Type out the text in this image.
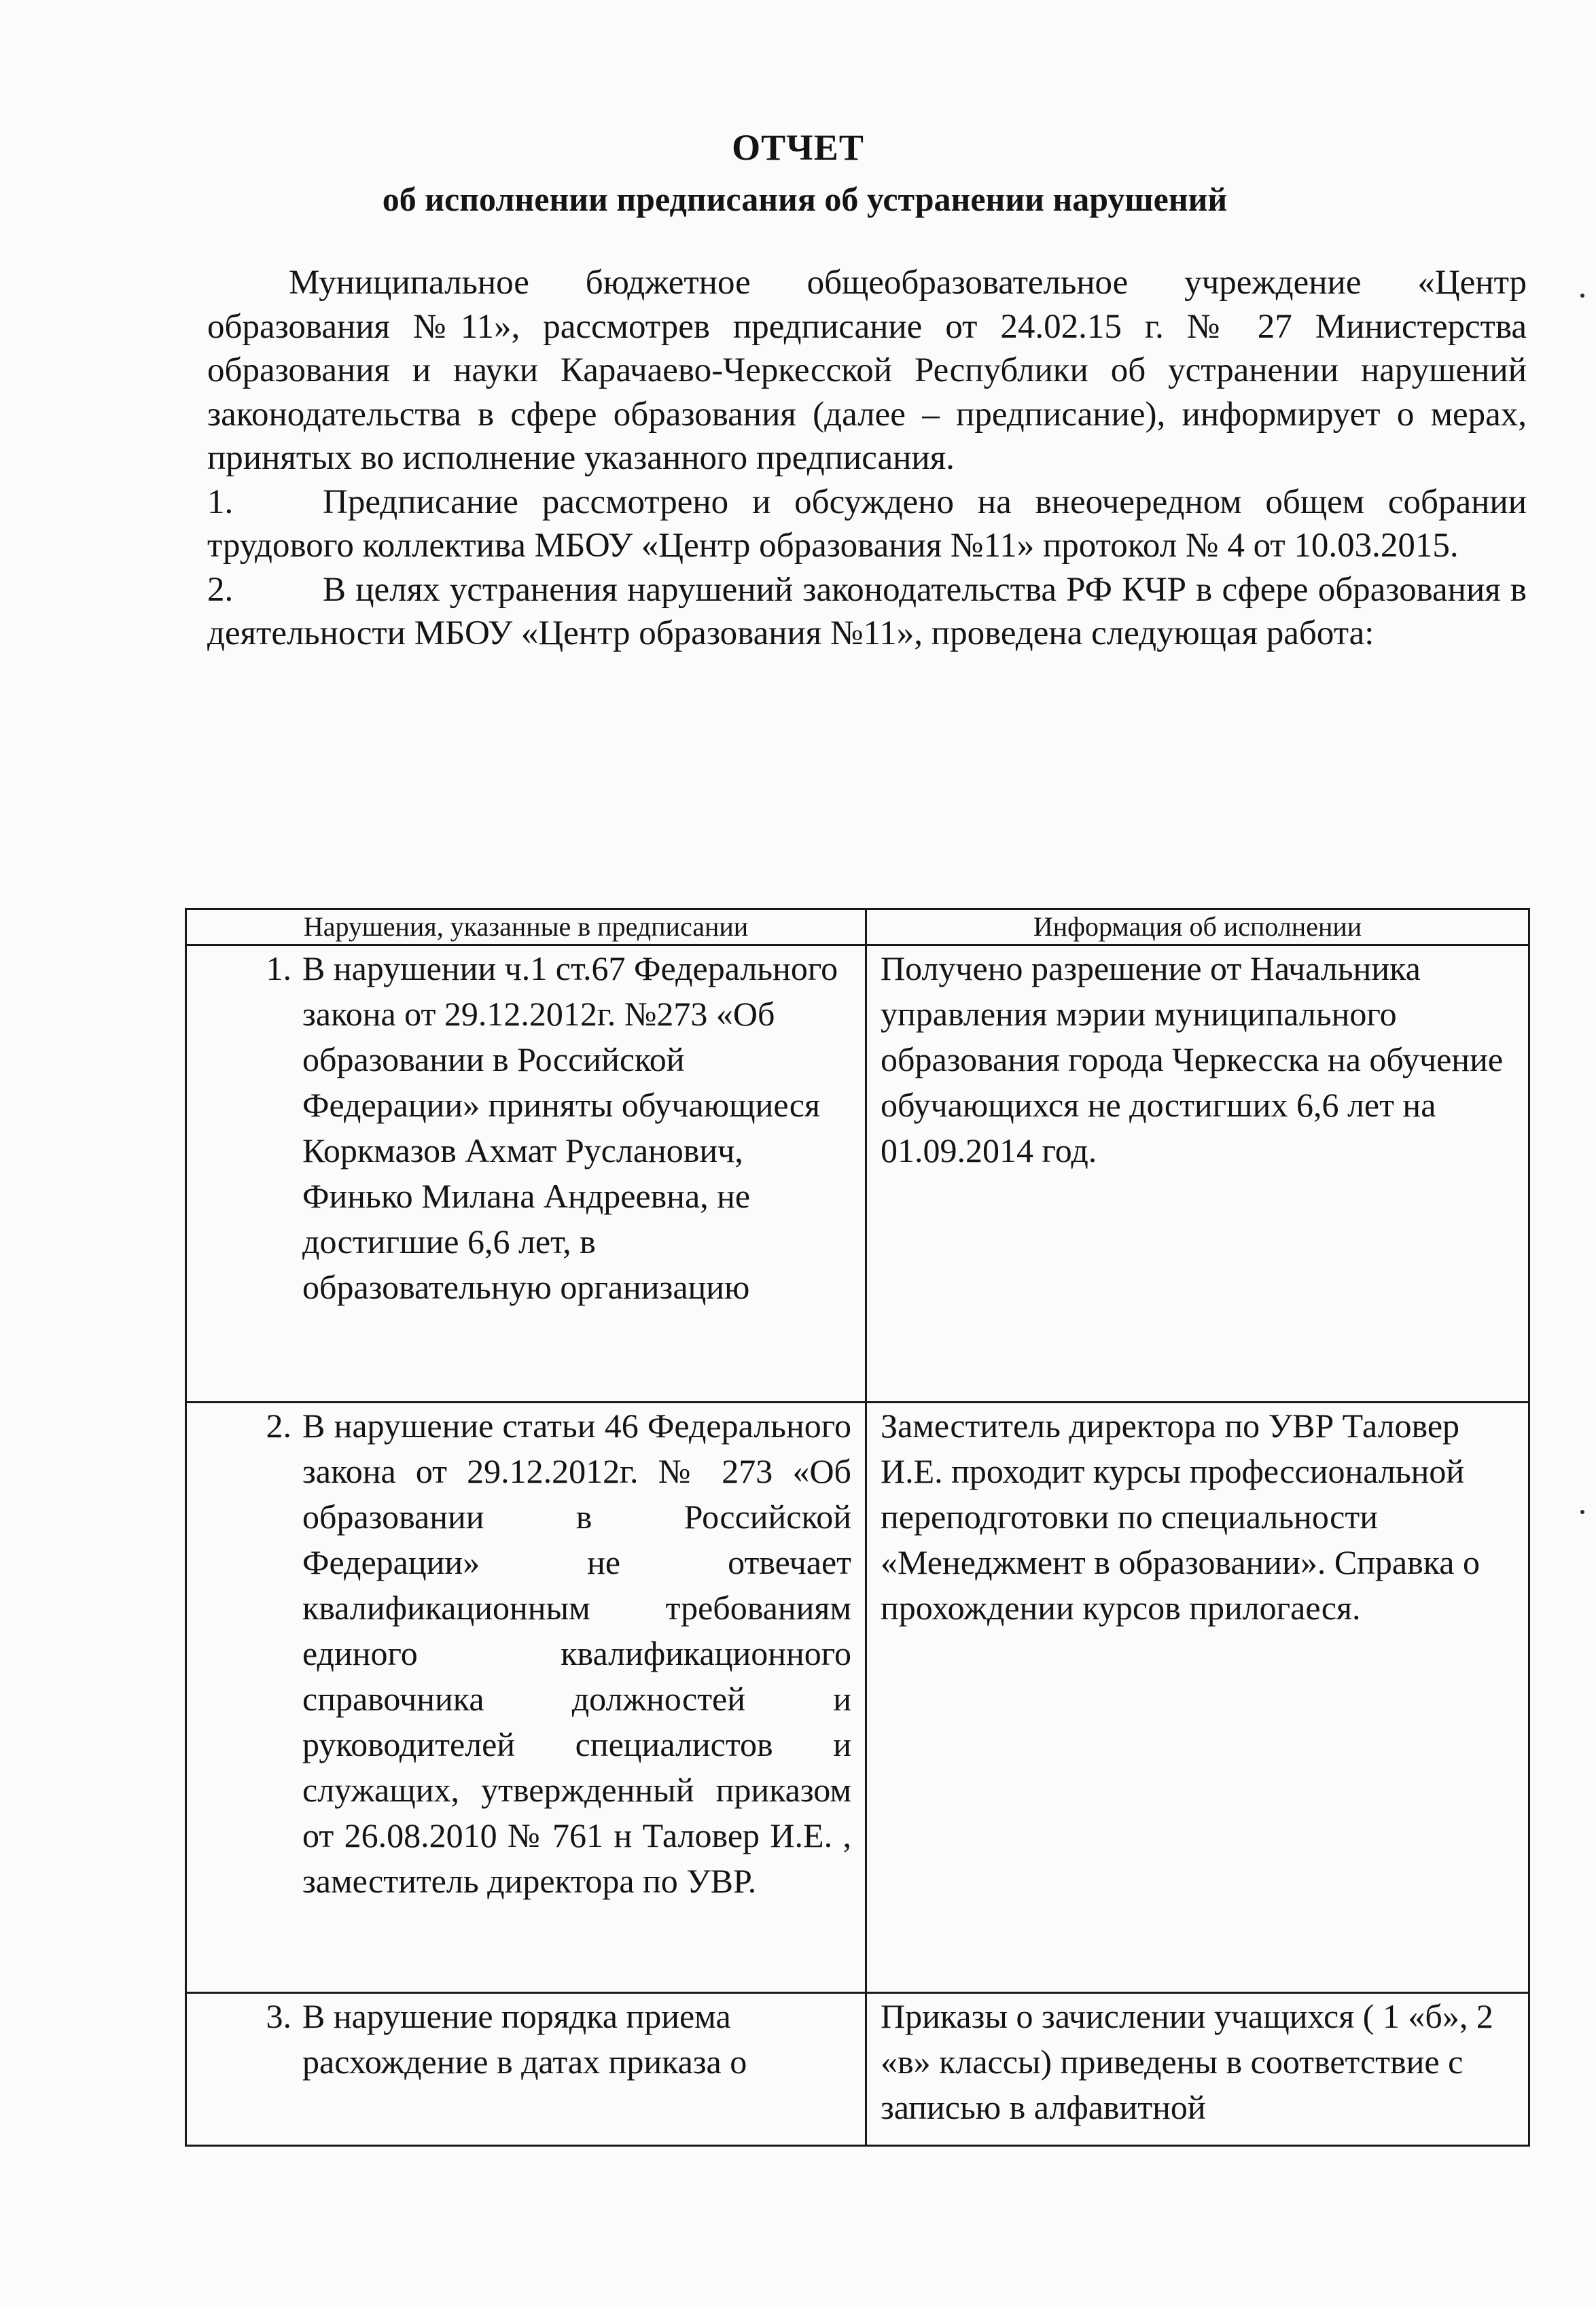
ОТЧЕТ
об исполнении предписания об устранении нарушений

Муниципальное бюджетное общеобразовательное учреждение «Центр образования №11», рассмотрев предписание от 24.02.15 г. № 27 Министерства образования и науки Карачаево-Черкесской Республики об устранении нарушений законодательства в сфере образования (далее – предписание), информирует о мерах, принятых во исполнение указанного предписания.

1.	Предписание рассмотрено и обсуждено на внеочередном общем собрании трудового коллектива МБОУ «Центр образования №11» протокол № 4 от 10.03.2015.

2.	В целях устранения нарушений законодательства РФ КЧР в сфере образования в деятельности МБОУ «Центр образования №11», проведена следующая работа:

Нарушения, указанные в предписании	Информация об исполнении

1. В нарушении ч.1 ст.67 Федерального закона от 29.12.2012г. №273 «Об образовании в Российской Федерации» приняты обучающиеся Коркмазов Ахмат Русланович, Финько Милана Андреевна, не достигшие 6,6 лет, в образовательную организацию	Получено разрешение от Начальника управления мэрии муниципального образования города Черкесска на обучение обучающихся не достигших 6,6 лет на 01.09.2014 год.

2. В нарушение статьи 46 Федерального закона от 29.12.2012г. № 273 «Об образовании в Российской Федерации» не отвечает квалификационным требованиям единого квалификационного справочника должностей и руководителей специалистов и служащих, утвержденный приказом от 26.08.2010 № 761 н Таловер И.Е. , заместитель директора по УВР.	Заместитель директора по УВР Таловер И.Е. проходит курсы профессиональной переподготовки по специальности «Менеджмент в образовании». Справка о прохождении курсов прилогаеся.

3. В нарушение порядка приема расхождение в датах приказа о	Приказы о зачислении учащихся ( 1 «б», 2 «в» классы) приведены в соответствие с записью в алфавитной
